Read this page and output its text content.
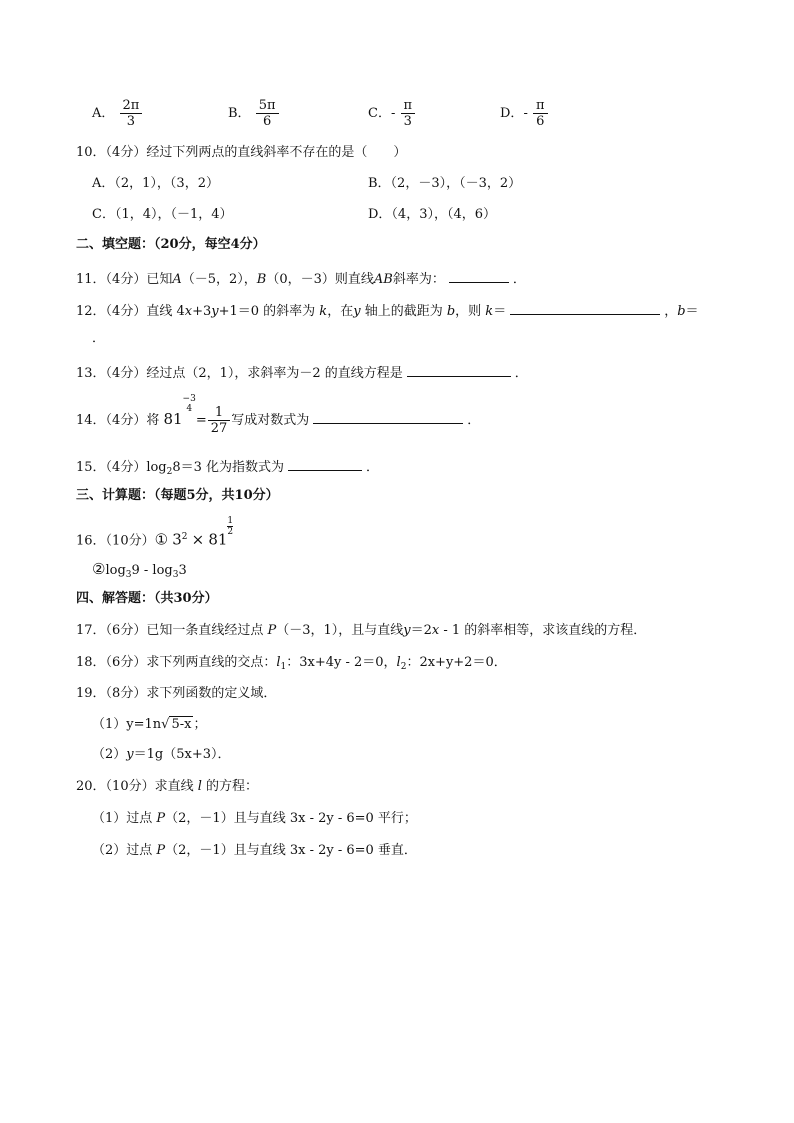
A． $\frac{2\pi}{3}$	B． $\frac{5\pi}{6}$	C．- $\frac{\pi}{3}$	D．- $\frac{\pi}{6}$
10．（4分）经过下列两点的直线斜率不存在的是（　　）
A．（2，1），（3，2）	B．（2，－3），（－3，2）
C．（1，4），（－1，4）	D．（4，3），（4，6）
二、填空题：（20分，每空4分）
11．（4分）已知A（－5，2），B（0，－3）则直线AB斜率为：	．
12．（4分）直线 4x+3y+1＝0 的斜率为 k，在y 轴上的截距为 b，则 k＝	，b＝
．
13．（4分）经过点（2，1），求斜率为－2 的直线方程是	．
14．（4分）将 81
−3
4
= $\frac{1}{27}$ 写成对数式为	．
15．（4分）$\log_28=3$ 化为指数式为	．
三、计算题：（每题5分，共10分）
16．（10分）① $3^2 \times 81$
$\frac{1}{2}$
$②\log_39 - \log_33$
四、解答题：（共30分）
17．（6分）已知一条直线经过点 P（－3，1），且与直线y＝2x - 1 的斜率相等，求该直线的方程．
18．（6分）求下列两直线的交点：$l_1$：3x+4y - 2＝0，$l_2$：2x+y+2＝0．
19．（8分）求下列函数的定义域．
（1）y=1n√ 5-x ；
（2）y＝1g（5x+3）．
20．（10分）求直线 l 的方程：
（1）过点 P（2，－1）且与直线 3x - 2y - 6=0 平行；
（2）过点 P（2，－1）且与直线 3x - 2y - 6=0 垂直．
